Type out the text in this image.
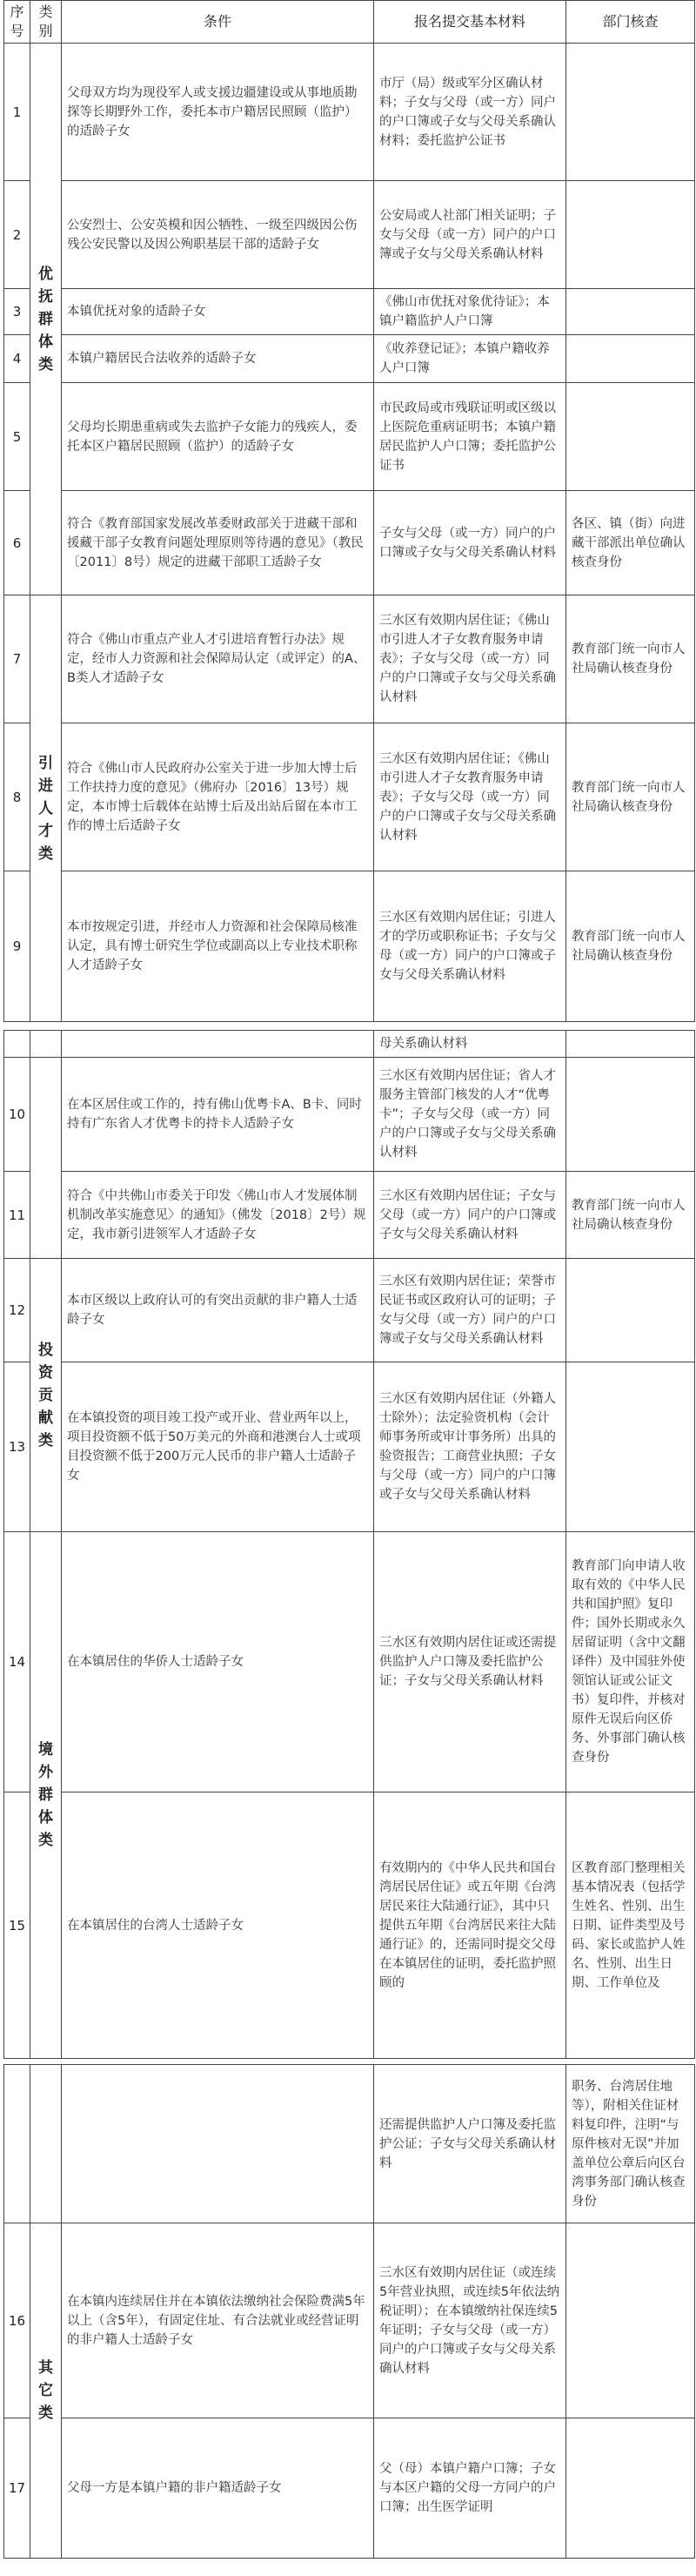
序号	类别	条件	报名提交基本材料	部门核查
1	优抚群体类	父母双方均为现役军人或支援边疆建设或从事地质勘探等长期野外工作，委托本市户籍居民照顾（监护）的适龄子女	市厅（局）级或军分区确认材料；子女与父母（或一方）同户的户口簿或子女与父母关系确认材料；委托监护公证书	
2		公安烈士、公安英模和因公牺牲、一级至四级因公伤残公安民警以及因公殉职基层干部的适龄子女	公安局或人社部门相关证明；子女与父母（或一方）同户的户口簿或子女与父母关系确认材料	
3		本镇优抚对象的适龄子女	《佛山市优抚对象优待证》；本镇户籍监护人户口簿	
4		本镇户籍居民合法收养的适龄子女	《收养登记证》；本镇户籍收养人户口簿	
5		父母均长期患重病或失去监护子女能力的残疾人，委托本区户籍居民照顾（监护）的适龄子女	市民政局或市残联证明或区级以上医院危重病证明书；本镇户籍居民监护人户口簿；委托监护公证书	
6		符合《教育部国家发展改革委财政部关于进藏干部和援藏干部子女教育问题处理原则等待遇的意见》（教民〔2011〕8号）规定的进藏干部职工适龄子女	子女与父母（或一方）同户的户口簿或子女与父母关系确认材料	各区、镇（街）向进藏干部派出单位确认核查身份
7	引进人才类	符合《佛山市重点产业人才引进培育暂行办法》规定，经市人力资源和社会保障局认定（或评定）的A、B类人才适龄子女	三水区有效期内居住证；《佛山市引进人才子女教育服务申请表》；子女与父母（或一方）同户的户口簿或子女与父母关系确认材料	教育部门统一向市人社局确认核查身份
8		符合《佛山市人民政府办公室关于进一步加大博士后工作扶持力度的意见》（佛府办〔2016〕13号）规定，本市博士后载体在站博士后及出站后留在本市工作的博士后适龄子女	三水区有效期内居住证；《佛山市引进人才子女教育服务申请表》；子女与父母（或一方）同户的户口簿或子女与父母关系确认材料	教育部门统一向市人社局确认核查身份
9		本市按规定引进，并经市人力资源和社会保障局核准认定，具有博士研究生学位或副高以上专业技术职称人才适龄子女	三水区有效期内居住证；引进人才的学历或职称证书；子女与父母（或一方）同户的户口簿或子女与父母关系确认材料	教育部门统一向市人社局确认核查身份
			母关系确认材料	
10		在本区居住或工作的，持有佛山优粤卡A、B卡、同时持有广东省人才优粤卡的持卡人适龄子女	三水区有效期内居住证；省人才服务主管部门核发的人才“优粤卡”；子女与父母（或一方）同户的户口簿或子女与父母关系确认材料	
11		符合《中共佛山市委关于印发〈佛山市人才发展体制机制改革实施意见〉的通知》（佛发〔2018〕2号）规定，我市新引进领军人才适龄子女	三水区有效期内居住证；子女与父母（或一方）同户的户口簿或子女与父母关系确认材料	教育部门统一向市人社局确认核查身份
12	投资贡献类	本市区级以上政府认可的有突出贡献的非户籍人士适龄子女	三水区有效期内居住证；荣誉市民证书或区政府认可的证明；子女与父母（或一方）同户的户口簿或子女与父母关系确认材料	
13		在本镇投资的项目竣工投产或开业、营业两年以上，项目投资额不低于50万美元的外商和港澳台人士或项目投资额不低于200万元人民币的非户籍人士适龄子女	三水区有效期内居住证（外籍人士除外）；法定验资机构（会计师事务所或审计事务所）出具的验资报告；工商营业执照；子女与父母（或一方）同户的户口簿或子女与父母关系确认材料	
14	境外群体类	在本镇居住的华侨人士适龄子女	三水区有效期内居住证或还需提供监护人户口簿及委托监护公证；子女与父母关系确认材料	教育部门向申请人收取有效的《中华人民共和国护照》复印件；国外长期或永久居留证明（含中文翻译件）及中国驻外使领馆认证或公证文书）复印件，并核对原件无误后向区侨务、外事部门确认核查身份
15		在本镇居住的台湾人士适龄子女	有效期内的《中华人民共和国台湾居民居住证》或五年期《台湾居民来往大陆通行证》，其中只提供五年期《台湾居民来往大陆通行证》的，还需同时提交父母在本镇居住的证明，委托监护照顾的	区教育部门整理相关基本情况表（包括学生姓名、性别、出生日期、证件类型及号码、家长或监护人姓名、性别、出生日期、工作单位及
			还需提供监护人户口簿及委托监护公证；子女与父母关系确认材料	职务、台湾居住地等），附相关住证材料复印件，注明“与原件核对无误”并加盖单位公章后向区台湾事务部门确认核查身份
16	其它类	在本镇内连续居住并在本镇依法缴纳社会保险费满5年以上（含5年），有固定住址、有合法就业或经营证明的非户籍人士适龄子女	三水区有效期内居住证（或连续5年营业执照，或连续5年依法纳税证明）；在本镇缴纳社保连续5年证明；子女与父母（或一方）同户的户口簿或子女与父母关系确认材料	
17		父母一方是本镇户籍的非户籍适龄子女	父（母）本镇户籍户口簿；子女与本区户籍的父母一方同户的户口簿；出生医学证明	
